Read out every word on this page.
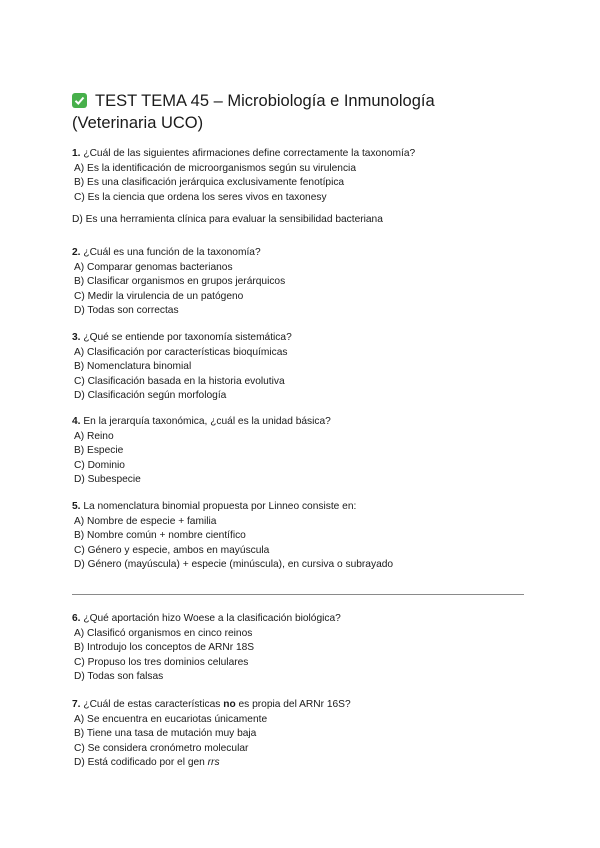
TEST TEMA 45 – Microbiología e Inmunología
(Veterinaria UCO)

1. ¿Cuál de las siguientes afirmaciones define correctamente la taxonomía?

A) Es la identificación de microorganismos según su virulencia

B) Es una clasificación jerárquica exclusivamente fenotípica

C) Es la ciencia que ordena los seres vivos en taxonesy

D) Es una herramienta clínica para evaluar la sensibilidad bacteriana

2. ¿Cuál es una función de la taxonomía?

A) Comparar genomas bacterianos

B) Clasificar organismos en grupos jerárquicos

C) Medir la virulencia de un patógeno

D) Todas son correctas

3. ¿Qué se entiende por taxonomía sistemática?

A) Clasificación por características bioquímicas

B) Nomenclatura binomial

C) Clasificación basada en la historia evolutiva

D) Clasificación según morfología

4. En la jerarquía taxonómica, ¿cuál es la unidad básica?

A) Reino

B) Especie

C) Dominio

D) Subespecie

5. La nomenclatura binomial propuesta por Linneo consiste en:

A) Nombre de especie + familia

B) Nombre común + nombre científico

C) Género y especie, ambos en mayúscula

D) Género (mayúscula) + especie (minúscula), en cursiva o subrayado

6. ¿Qué aportación hizo Woese a la clasificación biológica?

A) Clasificó organismos en cinco reinos

B) Introdujo los conceptos de ARNr 18S

C) Propuso los tres dominios celulares

D) Todas son falsas

7. ¿Cuál de estas características no es propia del ARNr 16S?

A) Se encuentra en eucariotas únicamente

B) Tiene una tasa de mutación muy baja

C) Se considera cronómetro molecular

D) Está codificado por el gen rrs
